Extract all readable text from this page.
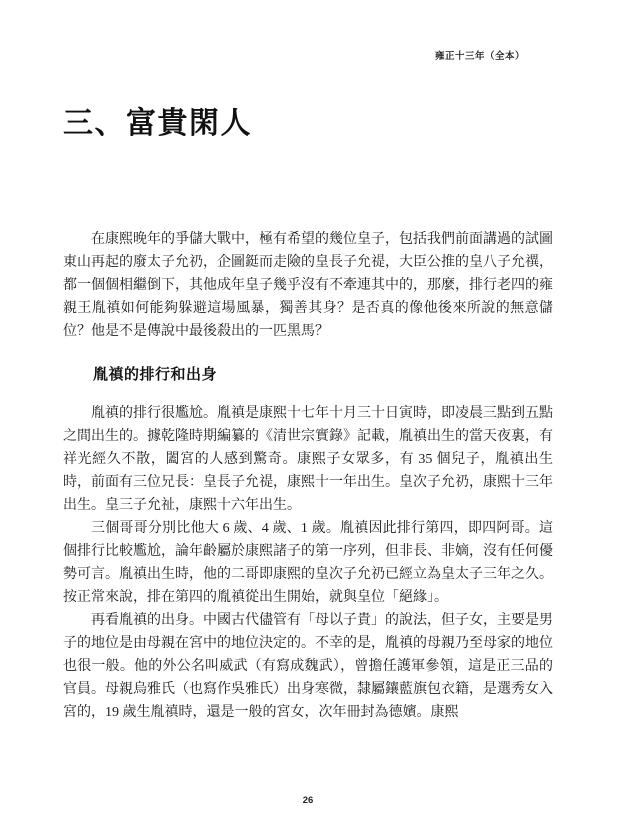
雍正十三年（全本）
三、富貴閑人

在康熙晚年的爭儲大戰中，極有希望的幾位皇子，包括我們前面講過的試圖東山再起的廢太子允礽，企圖鋌而走險的皇長子允禔，大臣公推的皇八子允禩，都一個個相繼倒下，其他成年皇子幾乎沒有不牽連其中的，那麼，排行老四的雍親王胤禛如何能夠躲避這場風暴，獨善其身？是否真的像他後來所說的無意儲位？他是不是傳說中最後殺出的一匹黑馬？

胤禛的排行和出身

胤禛的排行很尷尬。胤禛是康熙十七年十月三十日寅時，即凌晨三點到五點之間出生的。據乾隆時期編纂的《清世宗實錄》記載，胤禛出生的當天夜裏，有祥光經久不散，闔宮的人感到驚奇。康熙子女眾多，有 35 個兒子，胤禛出生時，前面有三位兄長：皇長子允禔，康熙十一年出生。皇次子允礽，康熙十三年出生。皇三子允祉，康熙十六年出生。

三個哥哥分別比他大 6 歲、4 歲、1 歲。胤禛因此排行第四，即四阿哥。這個排行比較尷尬，論年齡屬於康熙諸子的第一序列，但非長、非嫡，沒有任何優勢可言。胤禛出生時，他的二哥即康熙的皇次子允礽已經立為皇太子三年之久。按正常來說，排在第四的胤禛從出生開始，就與皇位「絕緣」。

再看胤禛的出身。中國古代儘管有「母以子貴」的說法，但子女，主要是男子的地位是由母親在宮中的地位決定的。不幸的是，胤禛的母親乃至母家的地位也很一般。他的外公名叫威武（有寫成魏武），曾擔任護軍參領，這是正三品的官員。母親烏雅氏（也寫作吳雅氏）出身寒微，隸屬鑲藍旗包衣籍，是選秀女入宮的，19 歲生胤禛時，還是一般的宮女，次年冊封為德嬪。康熙

26
